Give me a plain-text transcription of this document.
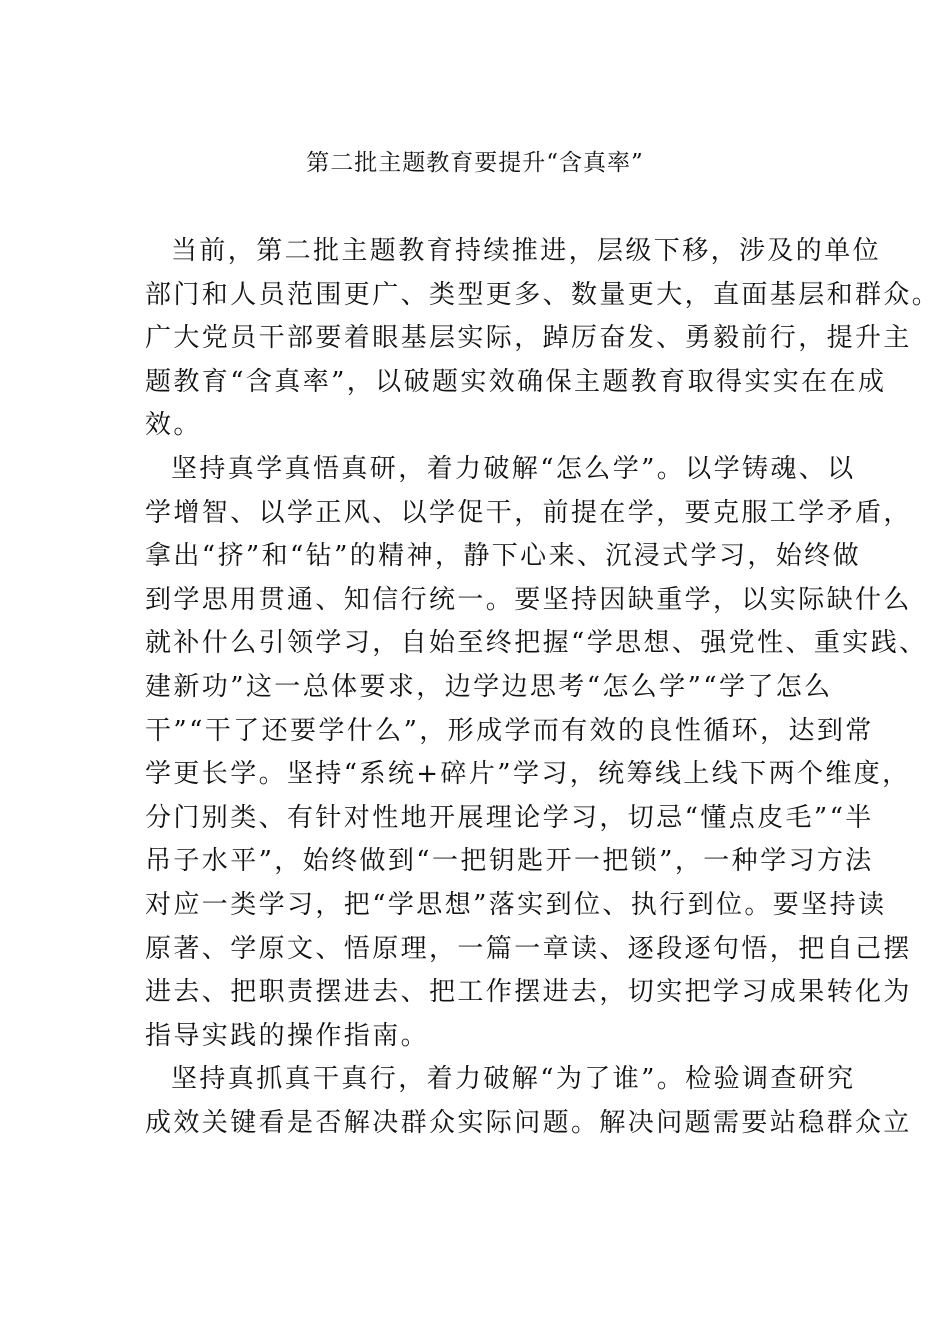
第二批主题教育要提升“含真率”
当前，第二批主题教育持续推进，层级下移，涉及的单位
部门和人员范围更广、类型更多、数量更大，直面基层和群众。
广大党员干部要着眼基层实际，踔厉奋发、勇毅前行，提升主
题教育“含真率”，以破题实效确保主题教育取得实实在在成
效。
坚持真学真悟真研，着力破解“怎么学”。以学铸魂、以
学增智、以学正风、以学促干，前提在学，要克服工学矛盾，
拿出“挤”和“钻”的精神，静下心来、沉浸式学习，始终做
到学思用贯通、知信行统一。要坚持因缺重学，以实际缺什么
就补什么引领学习，自始至终把握“学思想、强党性、重实践、
建新功”这一总体要求，边学边思考“怎么学”“学了怎么
干”“干了还要学什么”，形成学而有效的良性循环，达到常
学更长学。坚持“系统+碎片”学习，统筹线上线下两个维度，
分门别类、有针对性地开展理论学习，切忌“懂点皮毛”“半
吊子水平”，始终做到“一把钥匙开一把锁”，一种学习方法
对应一类学习，把“学思想”落实到位、执行到位。要坚持读
原著、学原文、悟原理，一篇一章读、逐段逐句悟，把自己摆
进去、把职责摆进去、把工作摆进去，切实把学习成果转化为
指导实践的操作指南。
坚持真抓真干真行，着力破解“为了谁”。检验调查研究
成效关键看是否解决群众实际问题。解决问题需要站稳群众立
